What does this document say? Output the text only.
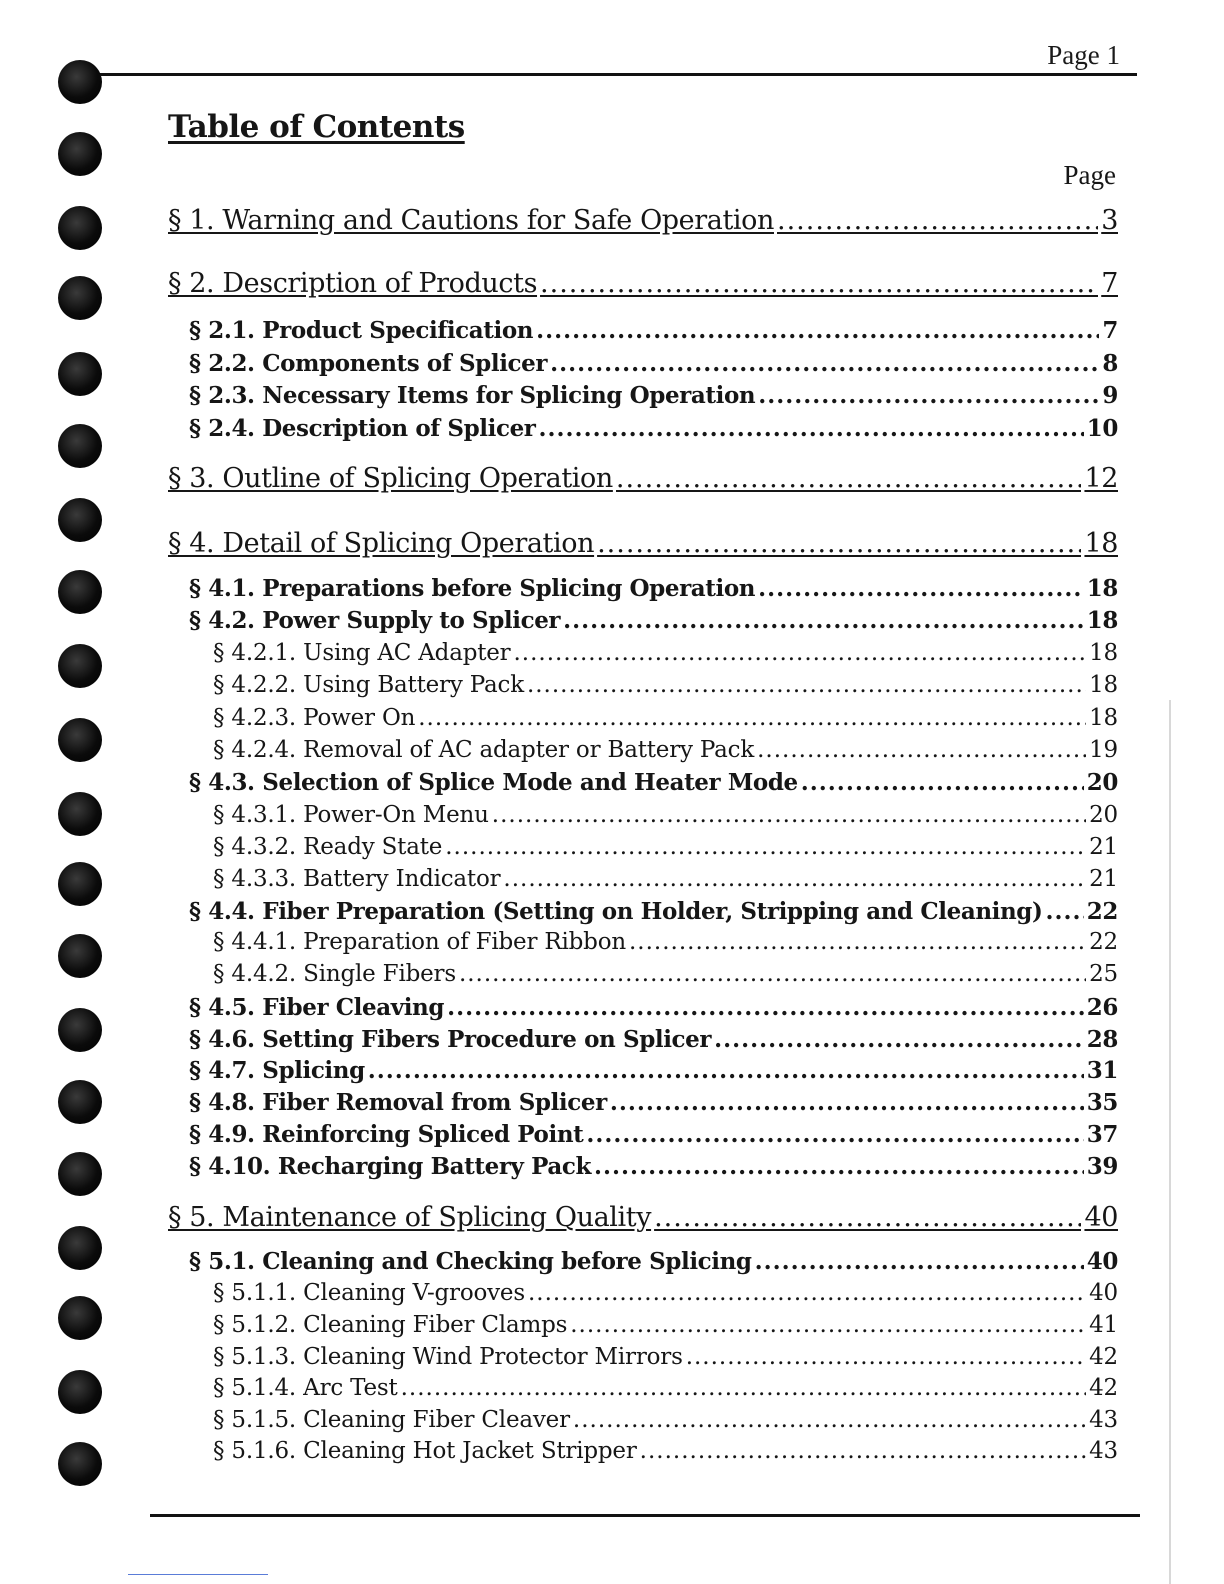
Page 1
Table of Contents
Page
§ 1. Warning and Cautions for Safe Operation .....	3
§ 2. Description of Products .....	7
§ 2.1. Product Specification .....	7
§ 2.2. Components of Splicer .....	8
§ 2.3. Necessary Items for Splicing Operation .....	9
§ 2.4. Description of Splicer .....	10
§ 3. Outline of Splicing Operation .....	12
§ 4. Detail of Splicing Operation .....	18
§ 4.1. Preparations before Splicing Operation .....	18
§ 4.2. Power Supply to Splicer .....	18
§ 4.2.1. Using AC Adapter .....	18
§ 4.2.2. Using Battery Pack .....	18
§ 4.2.3. Power On .....	18
§ 4.2.4. Removal of AC adapter or Battery Pack .....	19
§ 4.3. Selection of Splice Mode and Heater Mode .....	20
§ 4.3.1. Power-On Menu .....	20
§ 4.3.2. Ready State .....	21
§ 4.3.3. Battery Indicator .....	21
§ 4.4. Fiber Preparation (Setting on Holder, Stripping and Cleaning) ..... 22
§ 4.4.1. Preparation of Fiber Ribbon .....	22
§ 4.4.2. Single Fibers .....	25
§ 4.5. Fiber Cleaving .....	26
§ 4.6. Setting Fibers Procedure on Splicer .....	28
§ 4.7. Splicing .....	31
§ 4.8. Fiber Removal from Splicer .....	35
§ 4.9. Reinforcing Spliced Point .....	37
§ 4.10. Recharging Battery Pack .....	39
§ 5. Maintenance of Splicing Quality .....	40
§ 5.1. Cleaning and Checking before Splicing .....	40
§ 5.1.1. Cleaning V-grooves .....	40
§ 5.1.2. Cleaning Fiber Clamps .....	41
§ 5.1.3. Cleaning Wind Protector Mirrors .....	42
§ 5.1.4. Arc Test .....	42
§ 5.1.5. Cleaning Fiber Cleaver .....	43
§ 5.1.6. Cleaning Hot Jacket Stripper .....	43
